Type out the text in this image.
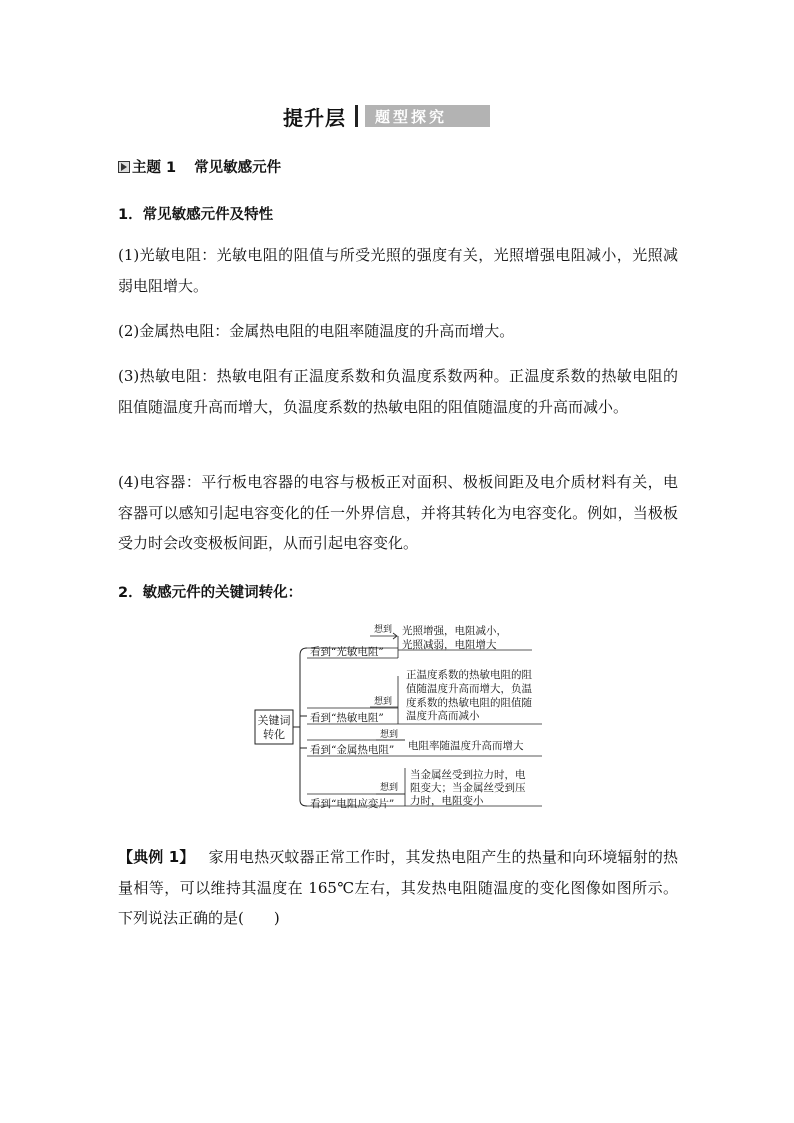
提升层	题型探究
主题 1 常见敏感元件
1．常见敏感元件及特性

(1)光敏电阻：光敏电阻的阻值与所受光照的强度有关，光照增强电阻减小，光照减弱电阻增大。

(2)金属热电阻：金属热电阻的电阻率随温度的升高而增大。

(3)热敏电阻：热敏电阻有正温度系数和负温度系数两种。正温度系数的热敏电阻的阻值随温度升高而增大，负温度系数的热敏电阻的阻值随温度的升高而减小。

(4)电容器：平行板电容器的电容与极板正对面积、极板间距及电介质材料有关，电容器可以感知引起电容变化的任一外界信息，并将其转化为电容变化。例如，当极板受力时会改变极板间距，从而引起电容变化。

2．敏感元件的关键词转化：
关键词
转化
看到“光敏电阻”
想到 光照增强，电阻减小，
光照减弱，电阻增大
看到“热敏电阻”
想到
正温度系数的热敏电阻的阻
值随温度升高而增大，负温
度系数的热敏电阻的阻值随
温度升高而减小
看到“金属热电阻”
想到
电阻率随温度升高而增大
看到“电阻应变片”
想到
当金属丝受到拉力时，电
阻变大；当金属丝受到压
力时，电阻变小

【典例 1】 家用电热灭蚊器正常工作时，其发热电阻产生的热量和向环境辐射的热量相等，可以维持其温度在 165℃左右，其发热电阻随温度的变化图像如图所示。下列说法正确的是(　　)
